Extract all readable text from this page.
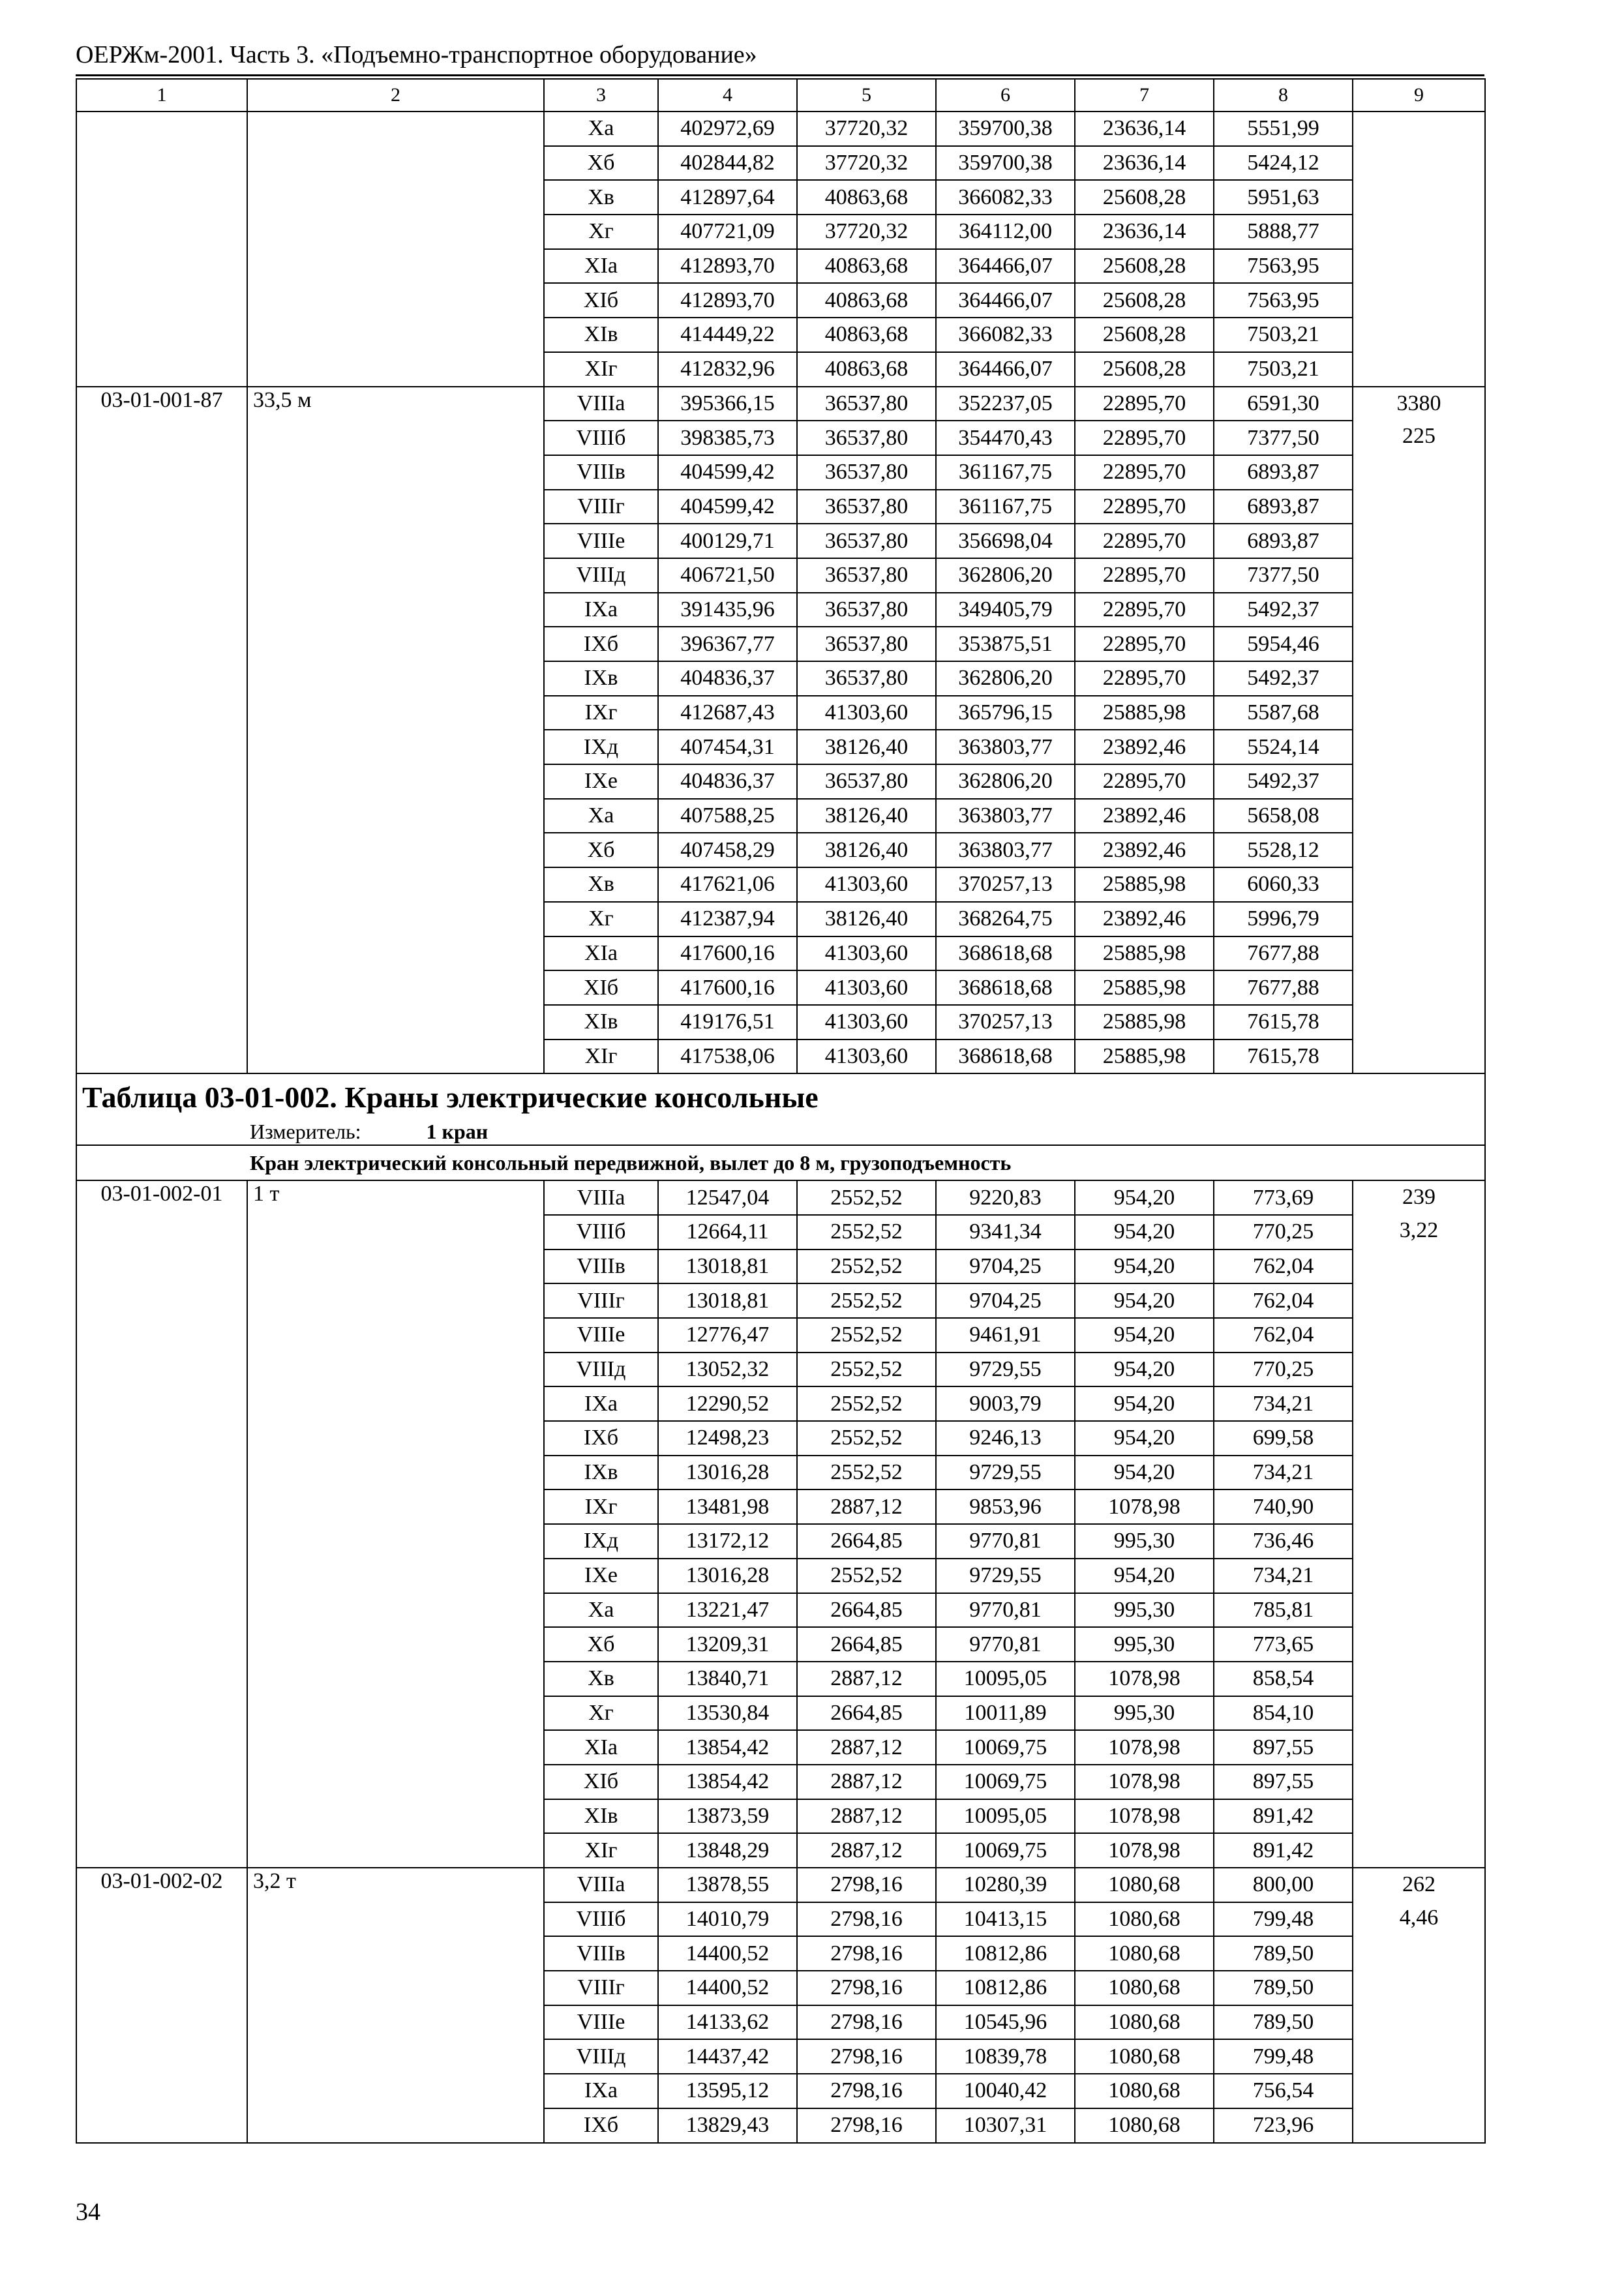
ОЕРЖм-2001. Часть 3. «Подъемно-транспортное оборудование»
1	2	3	4	5	6	7	8	9
		Xа	402972,69	37720,32	359700,38	23636,14	5551,99	
		Xб	402844,82	37720,32	359700,38	23636,14	5424,12	
		Xв	412897,64	40863,68	366082,33	25608,28	5951,63	
		Xг	407721,09	37720,32	364112,00	23636,14	5888,77	
		XIа	412893,70	40863,68	364466,07	25608,28	7563,95	
		XIб	412893,70	40863,68	364466,07	25608,28	7563,95	
		XIв	414449,22	40863,68	366082,33	25608,28	7503,21	
		XIг	412832,96	40863,68	364466,07	25608,28	7503,21	
03-01-001-87	33,5 м	VIIIа	395366,15	36537,80	352237,05	22895,70	6591,30	3380
225

		VIIIб	398385,73	36537,80	354470,43	22895,70	7377,50	
		VIIIв	404599,42	36537,80	361167,75	22895,70	6893,87	
		VIIIг	404599,42	36537,80	361167,75	22895,70	6893,87	
		VIIIе	400129,71	36537,80	356698,04	22895,70	6893,87	
		VIIIд	406721,50	36537,80	362806,20	22895,70	7377,50	
		IXа	391435,96	36537,80	349405,79	22895,70	5492,37	
		IXб	396367,77	36537,80	353875,51	22895,70	5954,46	
		IXв	404836,37	36537,80	362806,20	22895,70	5492,37	
		IXг	412687,43	41303,60	365796,15	25885,98	5587,68	
		IXд	407454,31	38126,40	363803,77	23892,46	5524,14	
		IXе	404836,37	36537,80	362806,20	22895,70	5492,37	
		Xа	407588,25	38126,40	363803,77	23892,46	5658,08	
		Xб	407458,29	38126,40	363803,77	23892,46	5528,12	
		Xв	417621,06	41303,60	370257,13	25885,98	6060,33	
		Xг	412387,94	38126,40	368264,75	23892,46	5996,79	
		XIа	417600,16	41303,60	368618,68	25885,98	7677,88	
		XIб	417600,16	41303,60	368618,68	25885,98	7677,88	
		XIв	419176,51	41303,60	370257,13	25885,98	7615,78	
		XIг	417538,06	41303,60	368618,68	25885,98	7615,78	
Таблица 03-01-002. Краны электрические консольные								
Измеритель: 1 кран								
Кран электрический консольный передвижной, вылет до 8 м, грузоподъемность								
03-01-002-01	1 т	VIIIа	12547,04	2552,52	9220,83	954,20	773,69	239
3,22

		VIIIб	12664,11	2552,52	9341,34	954,20	770,25	
		VIIIв	13018,81	2552,52	9704,25	954,20	762,04	
		VIIIг	13018,81	2552,52	9704,25	954,20	762,04	
		VIIIе	12776,47	2552,52	9461,91	954,20	762,04	
		VIIIд	13052,32	2552,52	9729,55	954,20	770,25	
		IXа	12290,52	2552,52	9003,79	954,20	734,21	
		IXб	12498,23	2552,52	9246,13	954,20	699,58	
		IXв	13016,28	2552,52	9729,55	954,20	734,21	
		IXг	13481,98	2887,12	9853,96	1078,98	740,90	
		IXд	13172,12	2664,85	9770,81	995,30	736,46	
		IXе	13016,28	2552,52	9729,55	954,20	734,21	
		Xа	13221,47	2664,85	9770,81	995,30	785,81	
		Xб	13209,31	2664,85	9770,81	995,30	773,65	
		Xв	13840,71	2887,12	10095,05	1078,98	858,54	
		Xг	13530,84	2664,85	10011,89	995,30	854,10	
		XIа	13854,42	2887,12	10069,75	1078,98	897,55	
		XIб	13854,42	2887,12	10069,75	1078,98	897,55	
		XIв	13873,59	2887,12	10095,05	1078,98	891,42	
		XIг	13848,29	2887,12	10069,75	1078,98	891,42	
03-01-002-02	3,2 т	VIIIа	13878,55	2798,16	10280,39	1080,68	800,00	262
4,46

		VIIIб	14010,79	2798,16	10413,15	1080,68	799,48	
		VIIIв	14400,52	2798,16	10812,86	1080,68	789,50	
		VIIIг	14400,52	2798,16	10812,86	1080,68	789,50	
		VIIIе	14133,62	2798,16	10545,96	1080,68	789,50	
		VIIIд	14437,42	2798,16	10839,78	1080,68	799,48	
		IXа	13595,12	2798,16	10040,42	1080,68	756,54	
		IXб	13829,43	2798,16	10307,31	1080,68	723,96	
34
